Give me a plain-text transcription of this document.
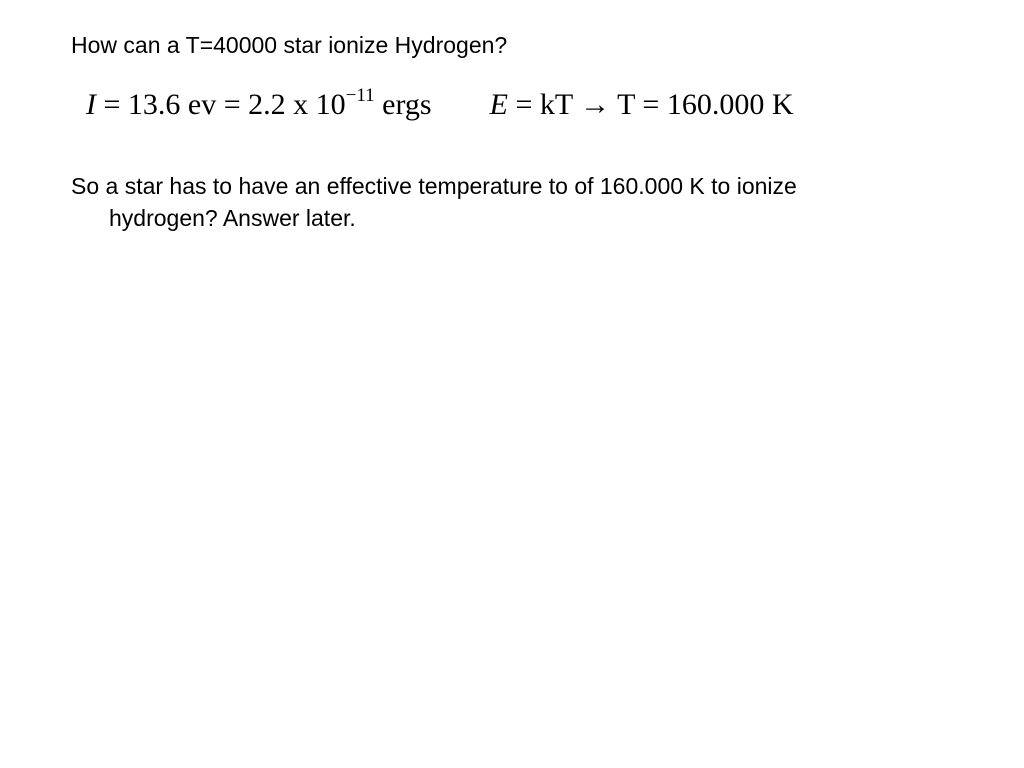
How can a T=40000 star ionize Hydrogen?
I = 13.6 ev = 2.2 x $10^{-11}$ ergs E = kT → T = 160.000 K
So a star has to have an effective temperature to of 160.000 K to ionize hydrogen? Answer later.
